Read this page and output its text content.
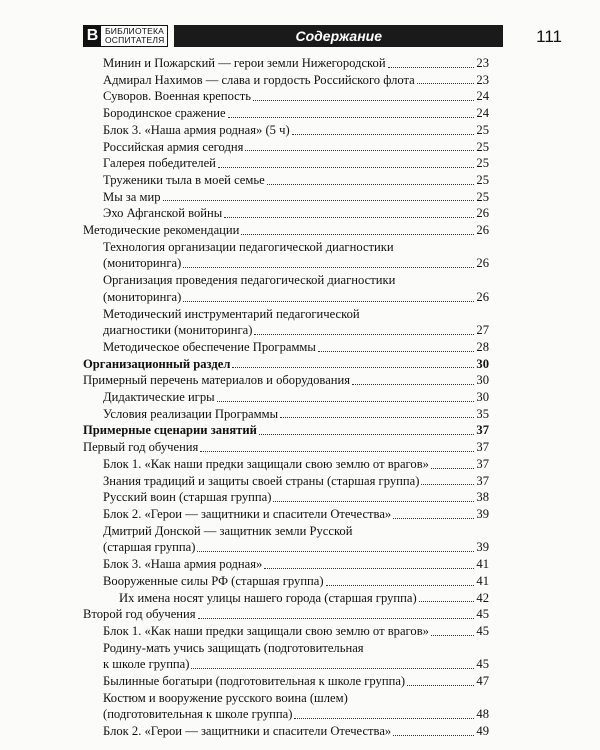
В БИБЛИОТЕКА
ОСПИТАТЕЛЯ	Содержание	111
Минин и Пожарский — герои земли Нижегородской	23
Адмирал Нахимов — слава и гордость Российского флота	23
Суворов. Военная крепость	24
Бородинское сражение	24
Блок 3. «Наша армия родная» (5 ч)	25
Российская армия сегодня	25
Галерея победителей	25
Труженики тыла в моей семье	25
Мы за мир	25
Эхо Афганской войны	26
Методические рекомендации	26
Технология организации педагогической диагностики
(мониторинга)	26
Организация проведения педагогической диагностики
(мониторинга)	26
Методический инструментарий педагогической
диагностики (мониторинга)	27
Методическое обеспечение Программы	28
Организационный раздел	30
Примерный перечень материалов и оборудования	30
Дидактические игры	30
Условия реализации Программы	35
Примерные сценарии занятий	37
Первый год обучения	37
Блок 1. «Как наши предки защищали свою землю от врагов»	37
Знания традиций и защиты своей страны (старшая группа)	37
Русский воин (старшая группа)	38
Блок 2. «Герои — защитники и спасители Отечества»	39
Дмитрий Донской — защитник земли Русской
(старшая группа)	39
Блок 3. «Наша армия родная»	41
Вооруженные силы РФ (старшая группа)	41
Их имена носят улицы нашего города (старшая группа)	42
Второй год обучения	45
Блок 1. «Как наши предки защищали свою землю от врагов»	45
Родину-мать учись защищать (подготовительная
к школе группа)	45
Былинные богатыри (подготовительная к школе группа)	47
Костюм и вооружение русского воина (шлем)
(подготовительная к школе группа)	48
Блок 2. «Герои — защитники и спасители Отечества»	49
